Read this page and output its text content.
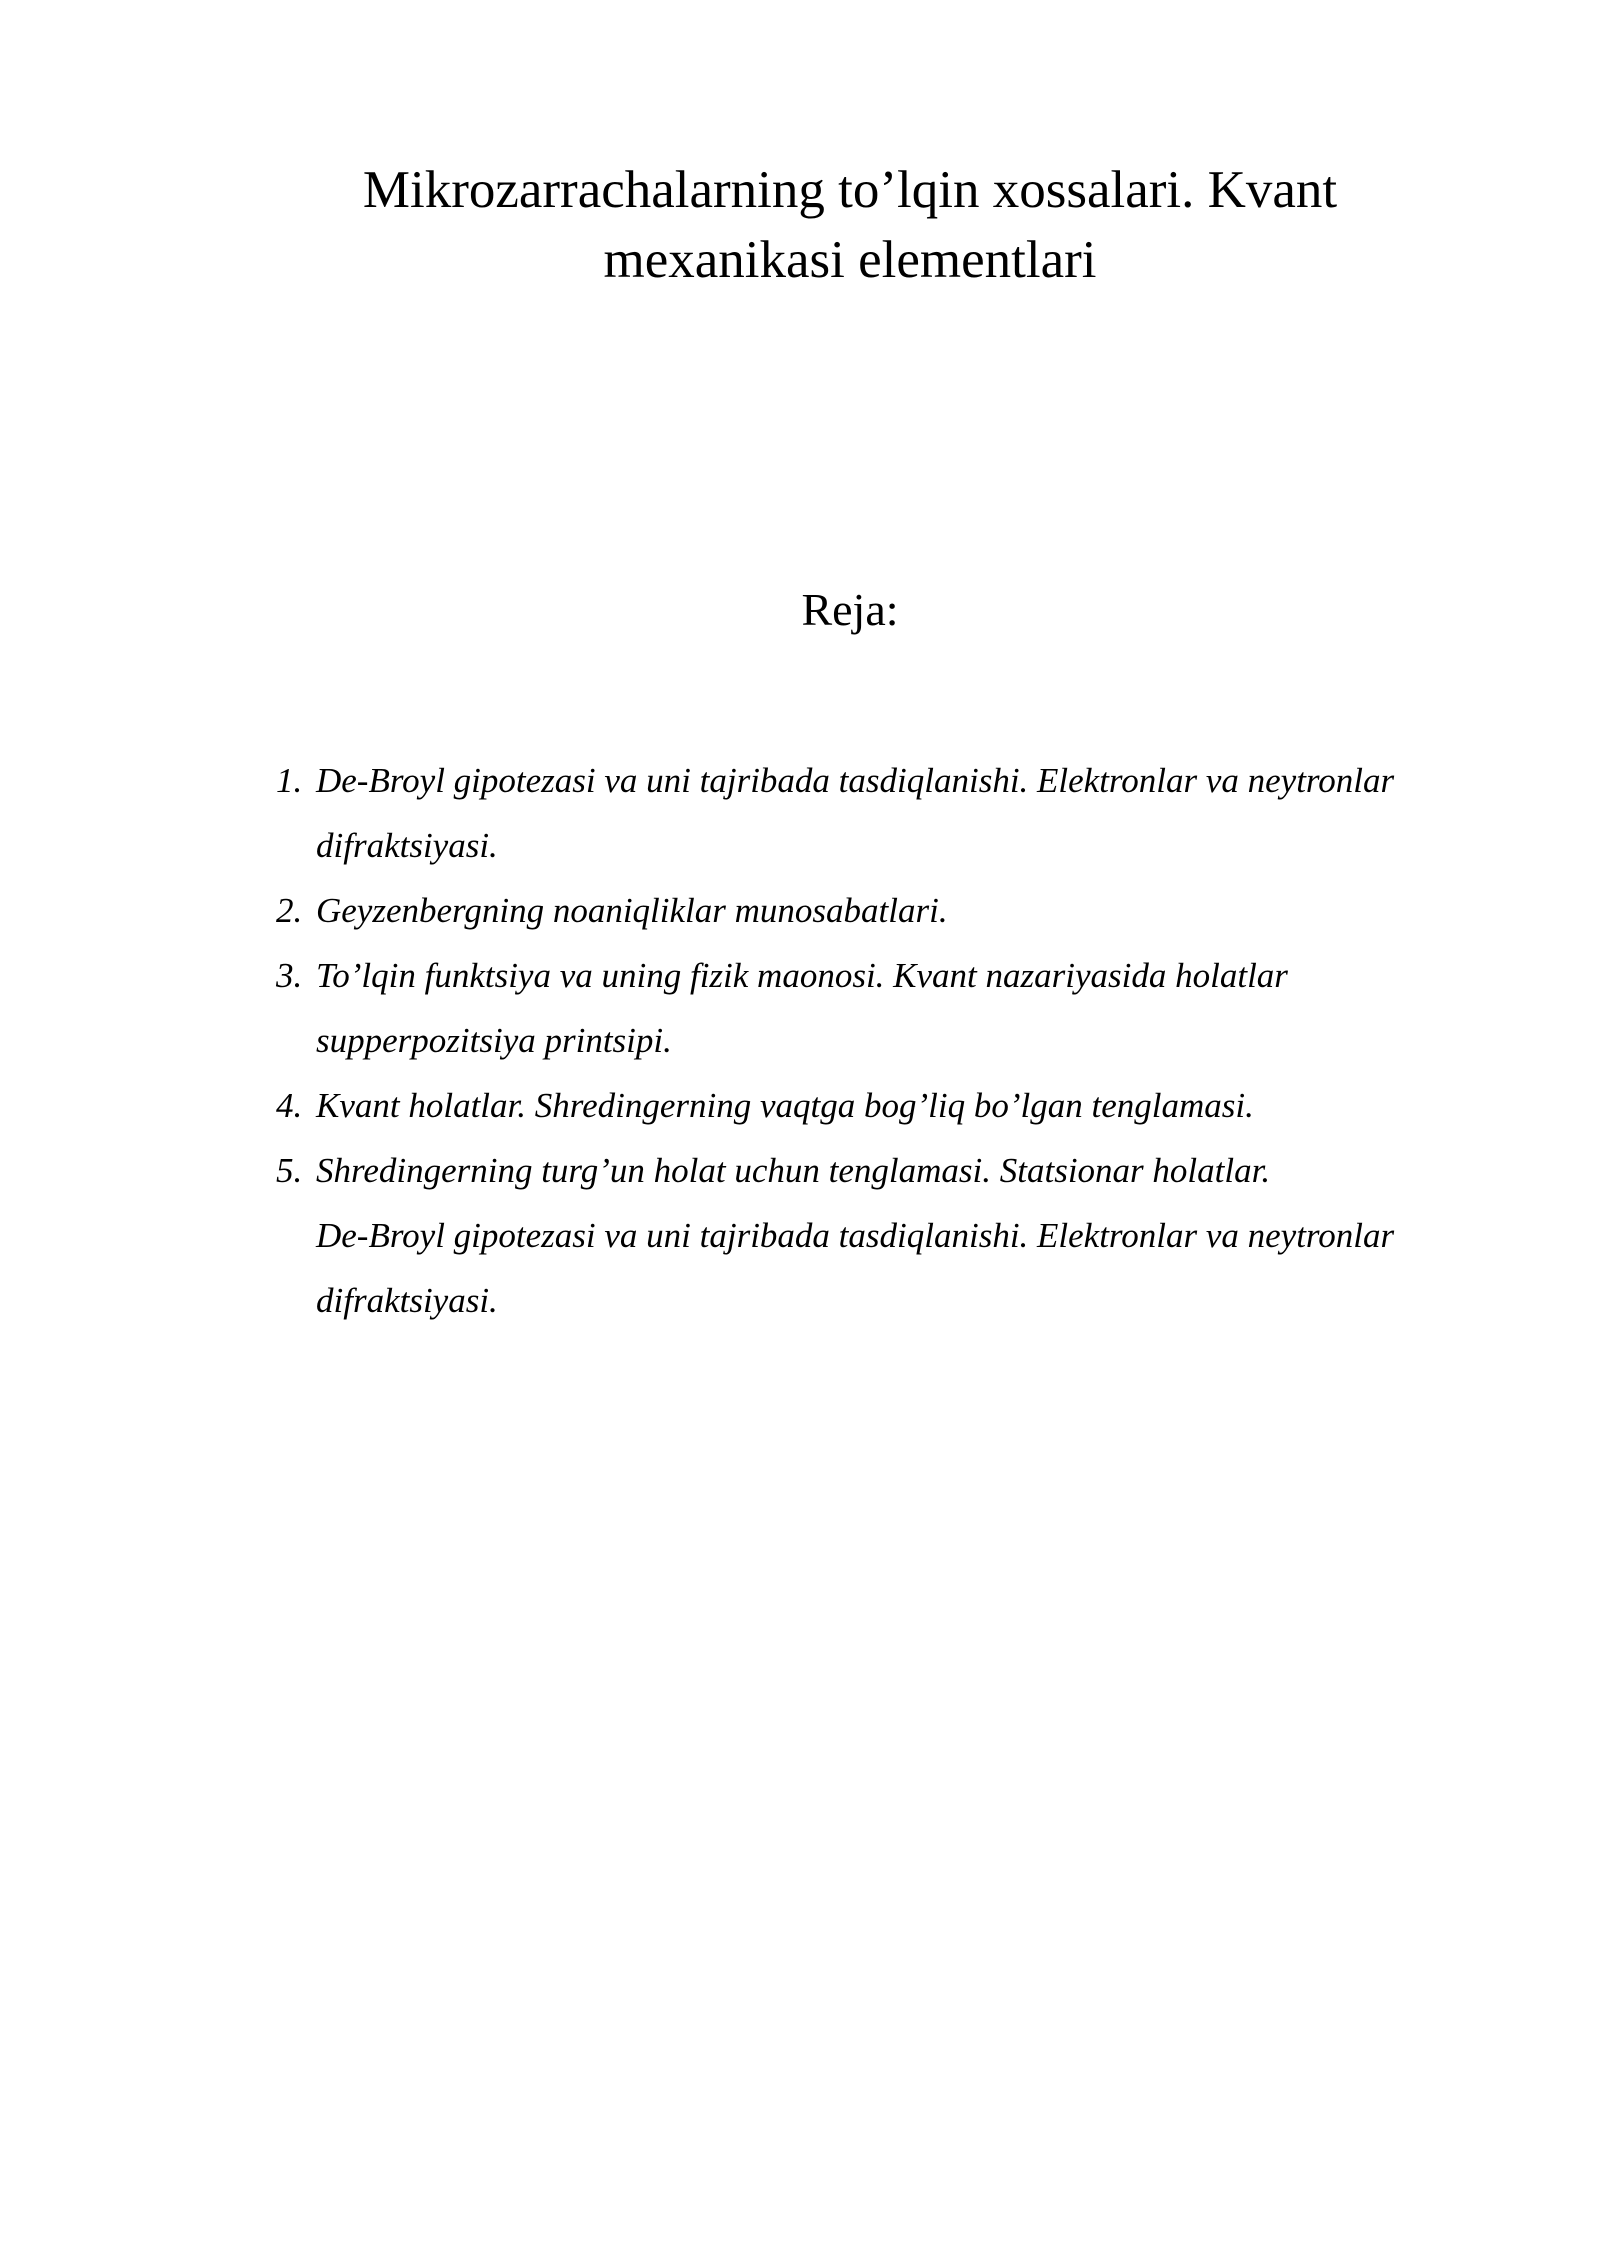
Mikrozarrachalarning to’lqin xossalari. Kvant
mexanikasi elementlari
Reja:
1. De-Broyl gipotezasi va uni tajribada tasdiqlanishi. Elektronlar va neytronlar
difraktsiyasi.
2. Geyzenbergning noaniqliklar munosabatlari.
3. To’lqin funktsiya va uning fizik maonosi. Kvant nazariyasida holatlar
supperpozitsiya printsipi.
4. Kvant holatlar. Shredingerning vaqtga bog’liq bo’lgan tenglamasi.
5. Shredingerning turg’un holat uchun tenglamasi. Statsionar holatlar.
De-Broyl gipotezasi va uni tajribada tasdiqlanishi. Elektronlar va neytronlar
difraktsiyasi.
